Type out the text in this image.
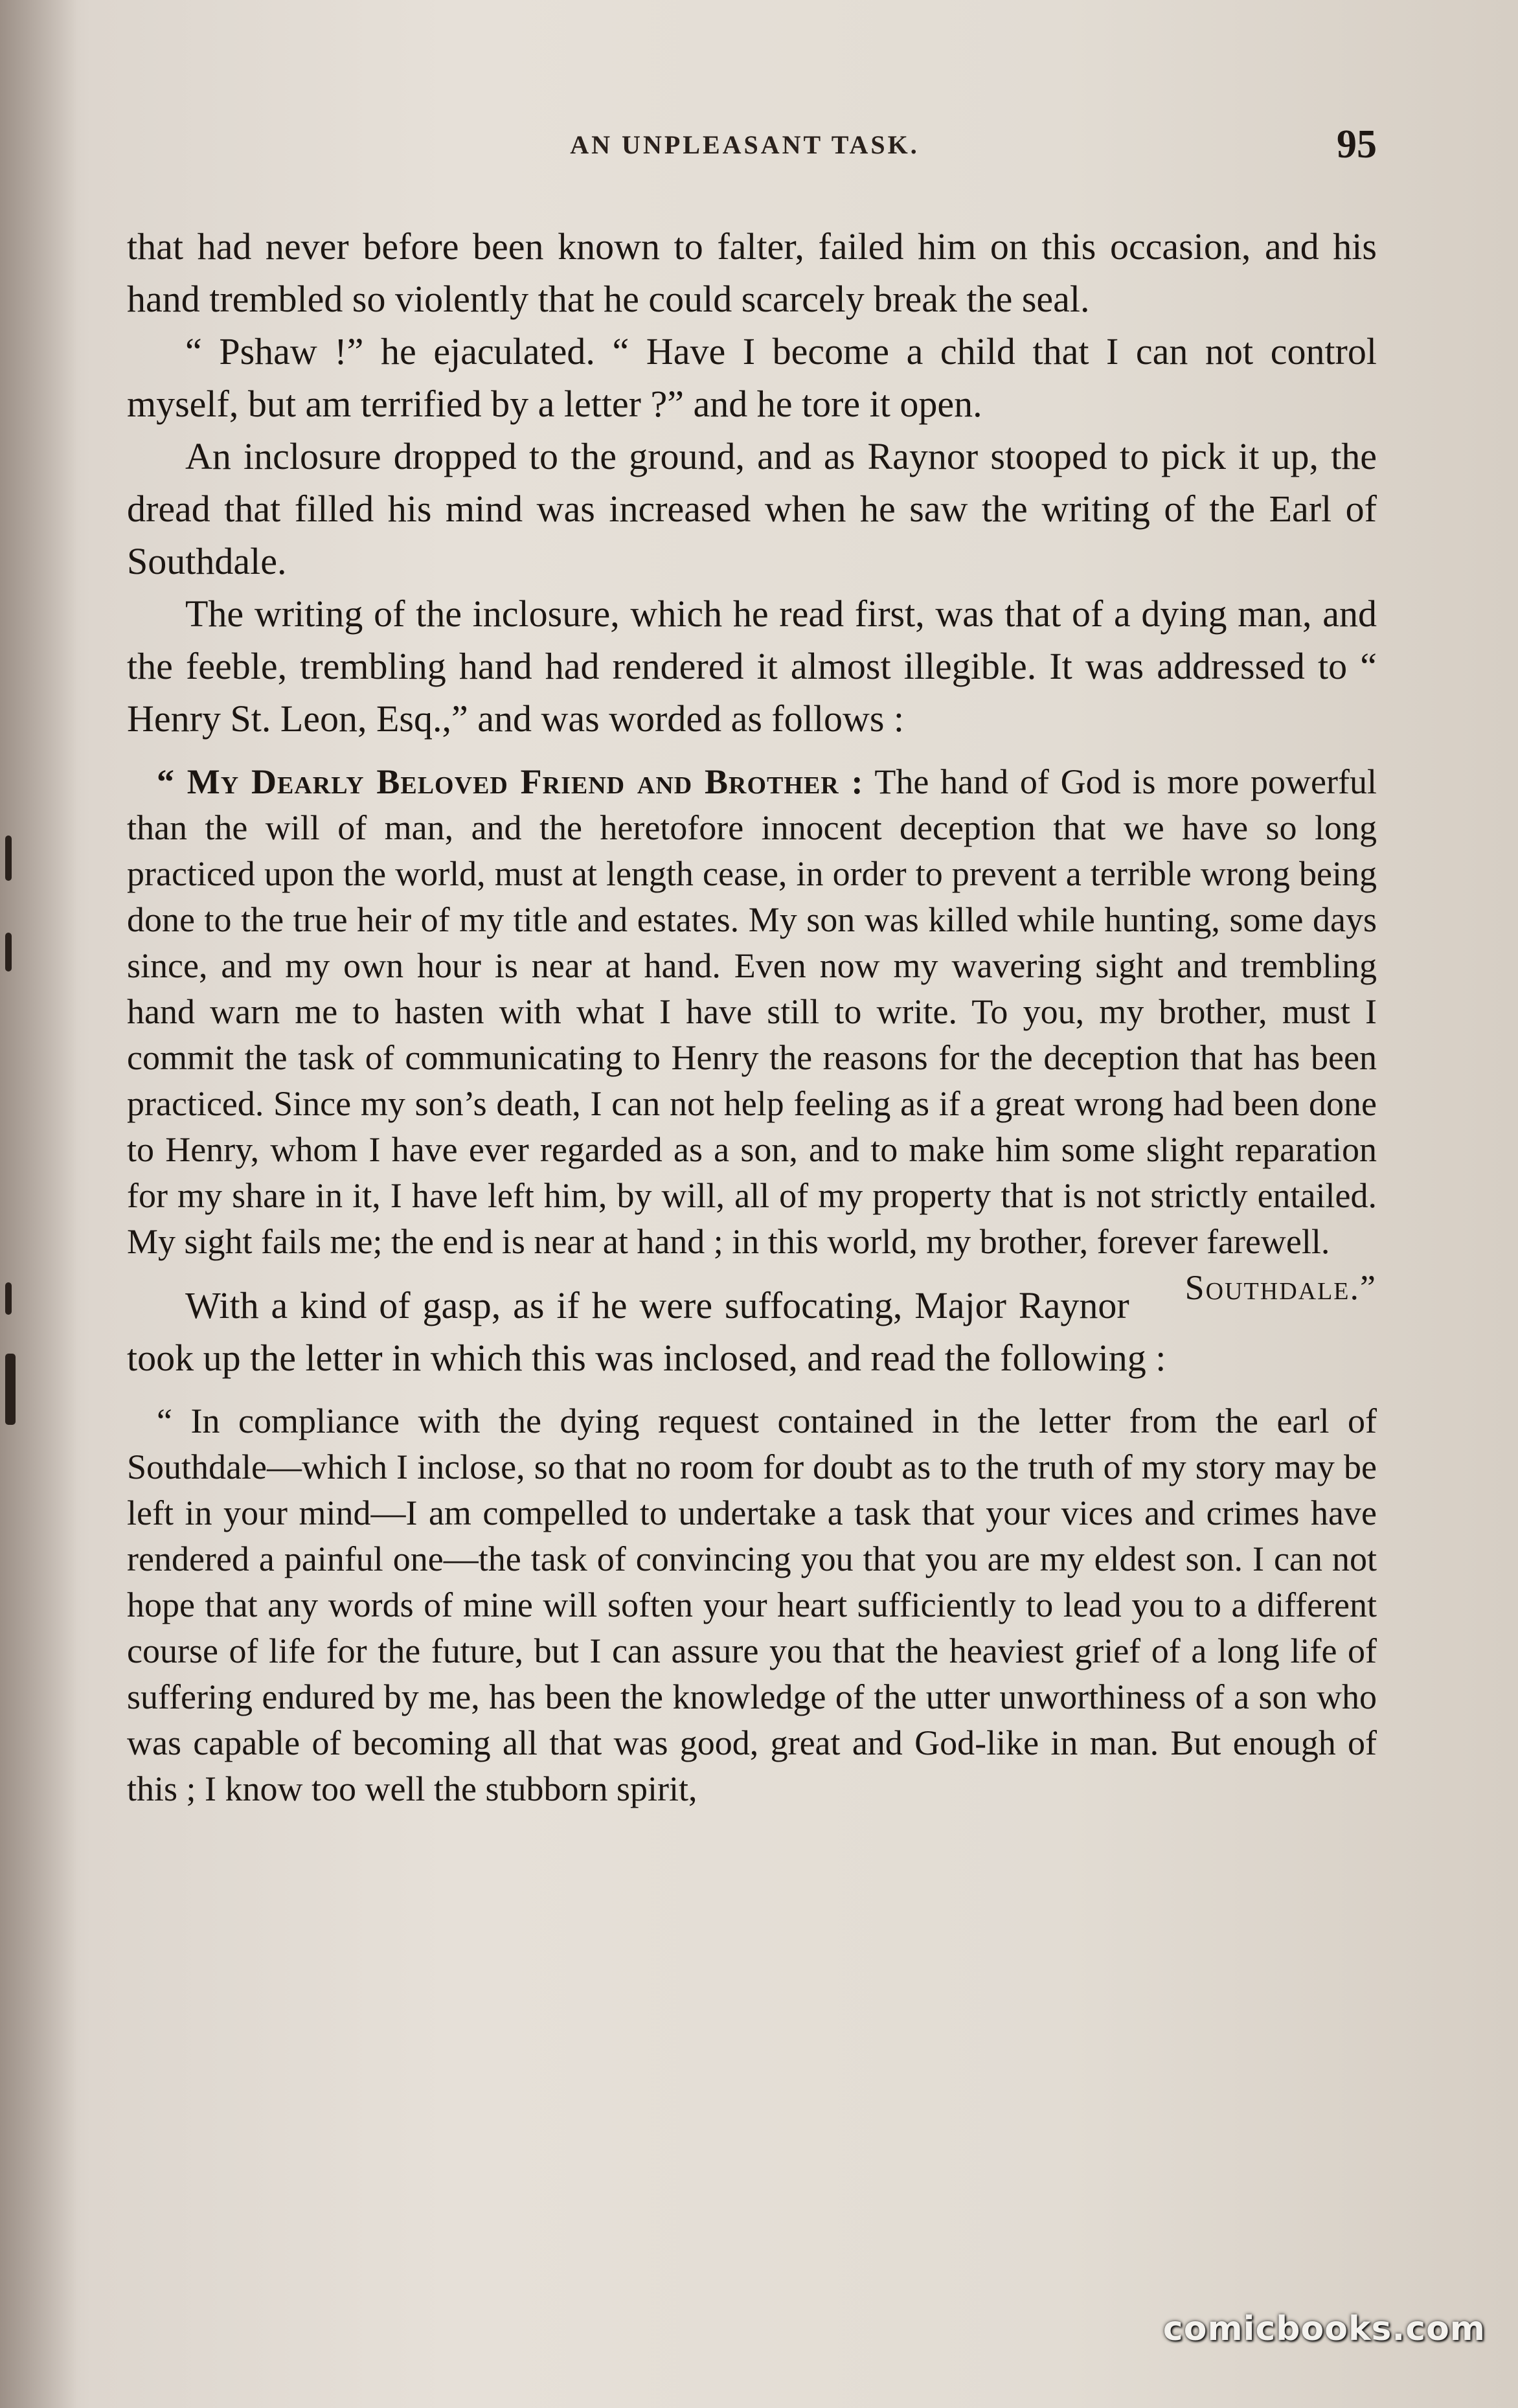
AN UNPLEASANT TASK.	95

that had never before been known to falter, failed him on this occasion, and his hand trembled so violently that he could scarcely break the seal.

“ Pshaw !” he ejaculated. “ Have I become a child that I can not control myself, but am terrified by a letter ?” and he tore it open.

An inclosure dropped to the ground, and as Raynor stooped to pick it up, the dread that filled his mind was increased when he saw the writing of the Earl of Southdale.

The writing of the inclosure, which he read first, was that of a dying man, and the feeble, trembling hand had rendered it almost illegible. It was addressed to “ Henry St. Leon, Esq.,” and was worded as follows :

“ My Dearly Beloved Friend and Brother : The hand of God is more powerful than the will of man, and the heretofore innocent deception that we have so long practiced upon the world, must at length cease, in order to prevent a terrible wrong being done to the true heir of my title and estates. My son was killed while hunting, some days since, and my own hour is near at hand. Even now my wavering sight and trembling hand warn me to hasten with what I have still to write. To you, my brother, must I commit the task of communicating to Henry the reasons for the deception that has been practiced. Since my son’s death, I can not help feeling as if a great wrong had been done to Henry, whom I have ever regarded as a son, and to make him some slight reparation for my share in it, I have left him, by will, all of my property that is not strictly entailed. My sight fails me; the end is near at hand ; in this world, my brother, forever farewell.
Southdale.”

With a kind of gasp, as if he were suffocating, Major Raynor took up the letter in which this was inclosed, and read the following :

“ In compliance with the dying request contained in the letter from the earl of Southdale—which I inclose, so that no room for doubt as to the truth of my story may be left in your mind—I am compelled to undertake a task that your vices and crimes have rendered a painful one—the task of convincing you that you are my eldest son. I can not hope that any words of mine will soften your heart sufficiently to lead you to a different course of life for the future, but I can assure you that the heaviest grief of a long life of suffering endured by me, has been the knowledge of the utter unworthiness of a son who was capable of becoming all that was good, great and God-like in man. But enough of this ; I know too well the stubborn spirit,

comicbooks.com
